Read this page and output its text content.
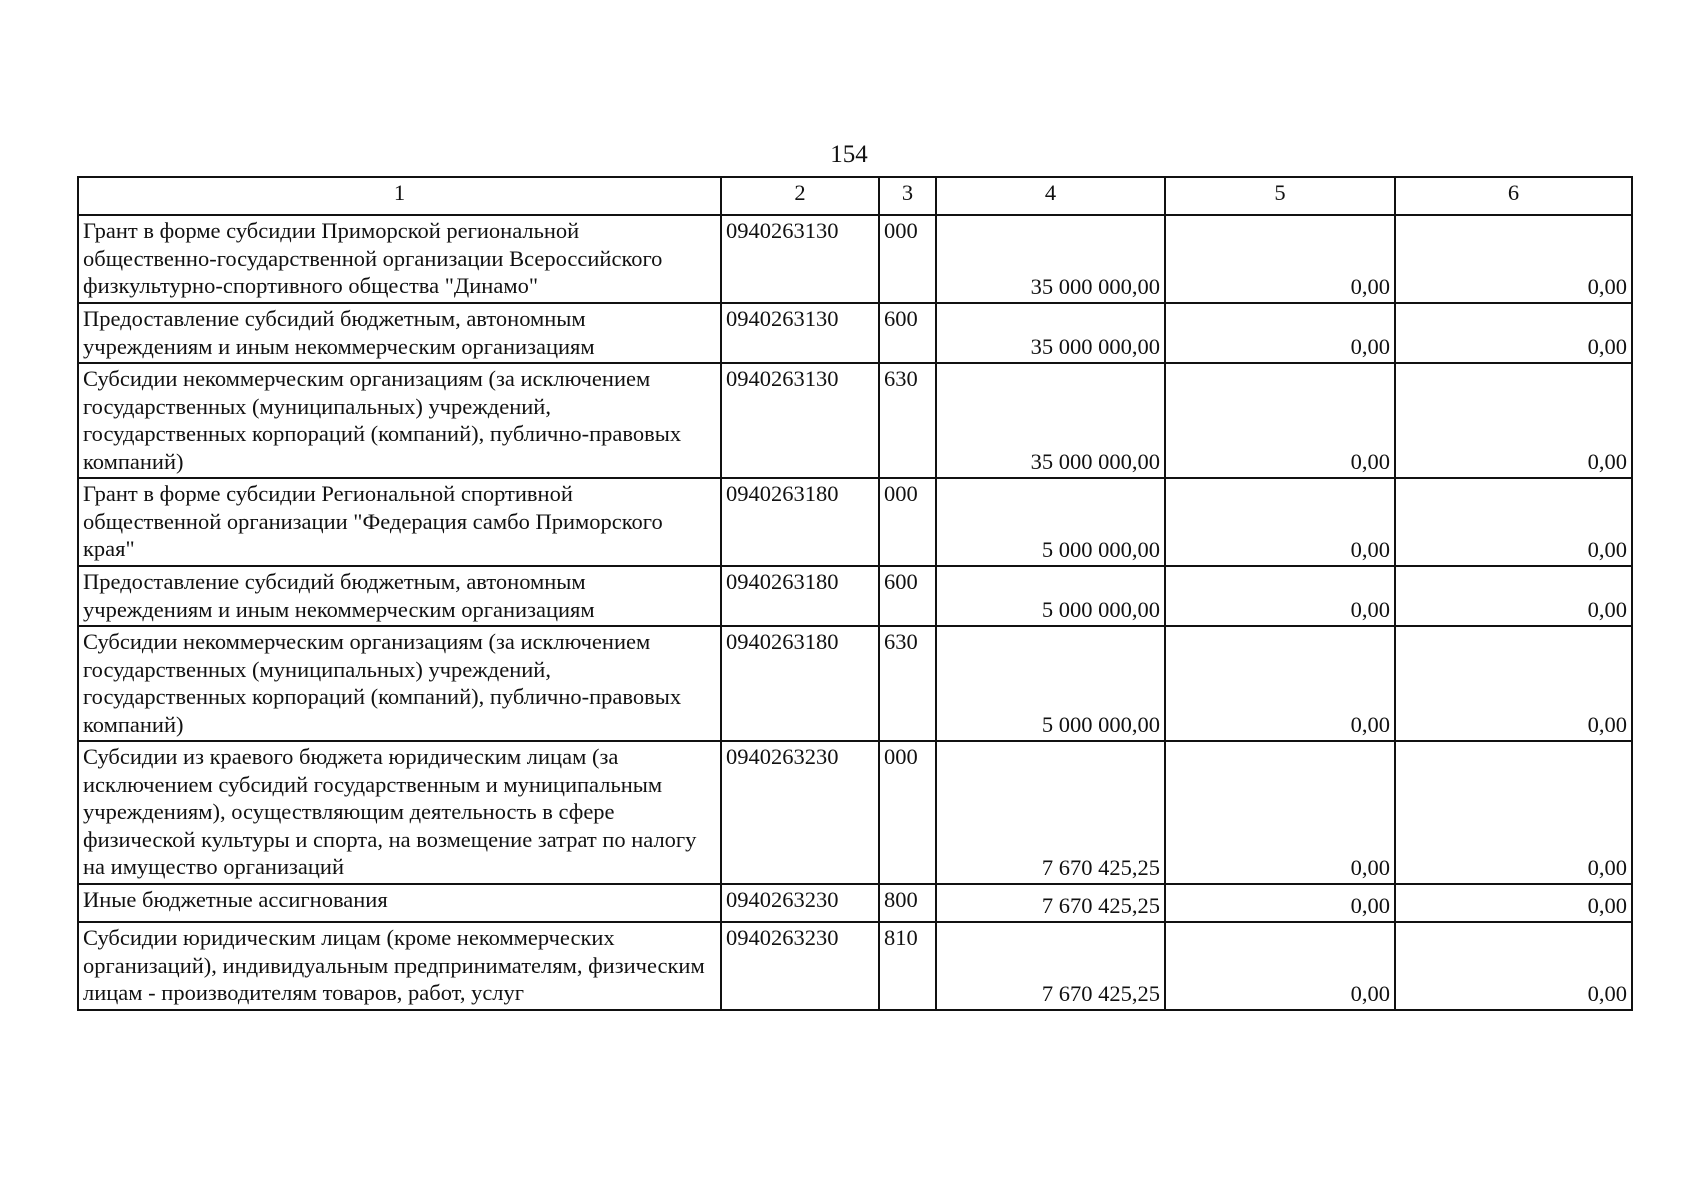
154
1	2	3	4	5	6
Грант в форме субсидии Приморской региональной общественно-государственной организации Всероссийского физкультурно-спортивного общества "Динамо"	0940263130	000	35 000 000,00	0,00	0,00
Предоставление субсидий бюджетным, автономным учреждениям и иным некоммерческим организациям	0940263130	600	35 000 000,00	0,00	0,00
Субсидии некоммерческим организациям (за исключением государственных (муниципальных) учреждений, государственных корпораций (компаний), публично-правовых компаний)	0940263130	630	35 000 000,00	0,00	0,00
Грант в форме субсидии Региональной спортивной общественной организации "Федерация самбо Приморского края"	0940263180	000	5 000 000,00	0,00	0,00
Предоставление субсидий бюджетным, автономным учреждениям и иным некоммерческим организациям	0940263180	600	5 000 000,00	0,00	0,00
Субсидии некоммерческим организациям (за исключением государственных (муниципальных) учреждений, государственных корпораций (компаний), публично-правовых компаний)	0940263180	630	5 000 000,00	0,00	0,00
Субсидии из краевого бюджета юридическим лицам (за исключением субсидий государственным и муниципальным учреждениям), осуществляющим деятельность в сфере физической культуры и спорта, на возмещение затрат по налогу на имущество организаций	0940263230	000	7 670 425,25	0,00	0,00
Иные бюджетные ассигнования	0940263230	800	7 670 425,25	0,00	0,00
Субсидии юридическим лицам (кроме некоммерческих организаций), индивидуальным предпринимателям, физическим лицам - производителям товаров, работ, услуг	0940263230	810	7 670 425,25	0,00	0,00
